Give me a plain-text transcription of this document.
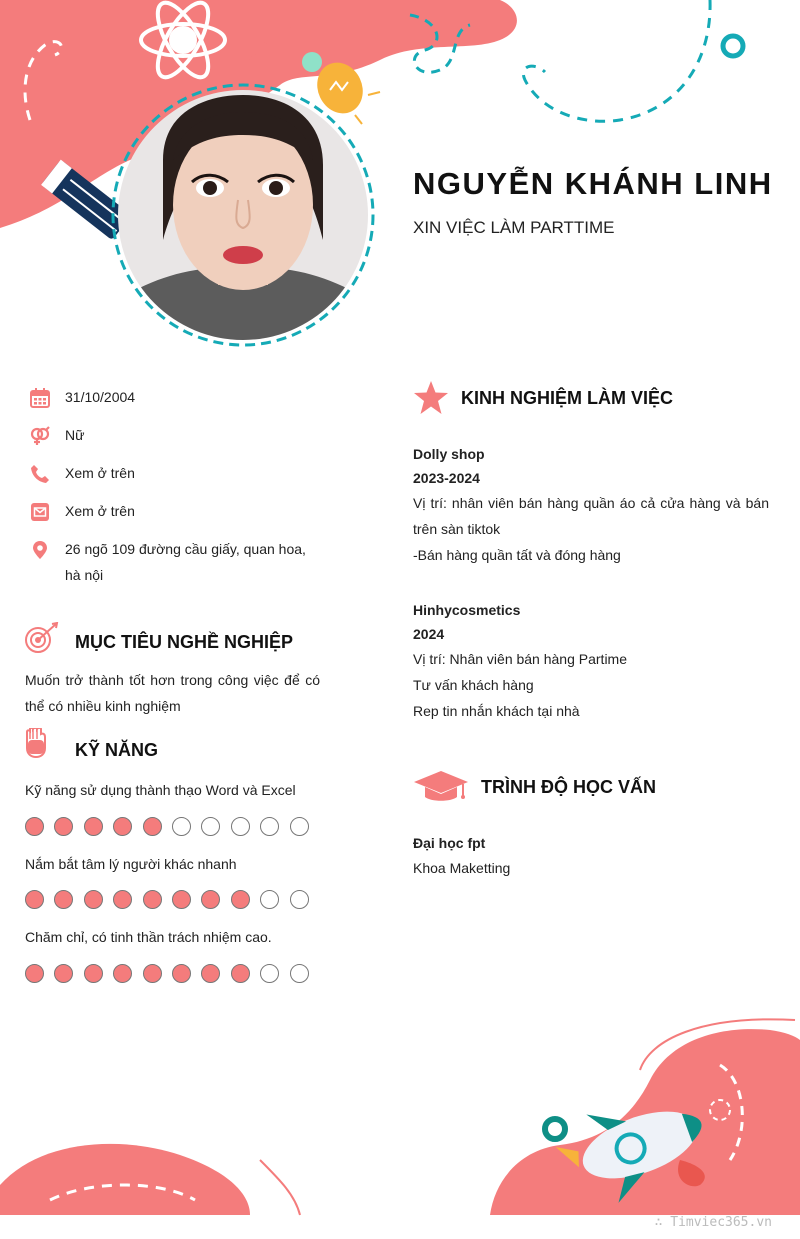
NGUYỄN KHÁNH LINH
XIN VIỆC LÀM PARTTIME
31/10/2004
Nữ
Xem ở trên
Xem ở trên
26 ngõ 109 đường cầu giấy, quan hoa, hà nội
MỤC TIÊU NGHỀ NGHIỆP
Muốn trở thành tốt hơn trong công việc để có thể có nhiều kinh nghiệm
KỸ NĂNG
Kỹ năng sử dụng thành thạo Word và Excel
Nắm bắt tâm lý người khác nhanh
Chăm chỉ, có tinh thần trách nhiệm cao.
KINH NGHIỆM LÀM VIỆC
Dolly shop
2023-2024
Vị trí: nhân viên bán hàng quần áo cả cửa hàng và bán trên sàn tiktok
-Bán hàng quần tất và đóng hàng
Hinhycosmetics
2024
Vị trí: Nhân viên bán hàng Partime
Tư vấn khách hàng
Rep tin nhắn khách tại nhà
TRÌNH ĐỘ HỌC VẤN
Đại học fpt
Khoa Maketting
∴ Timviec365.vn
